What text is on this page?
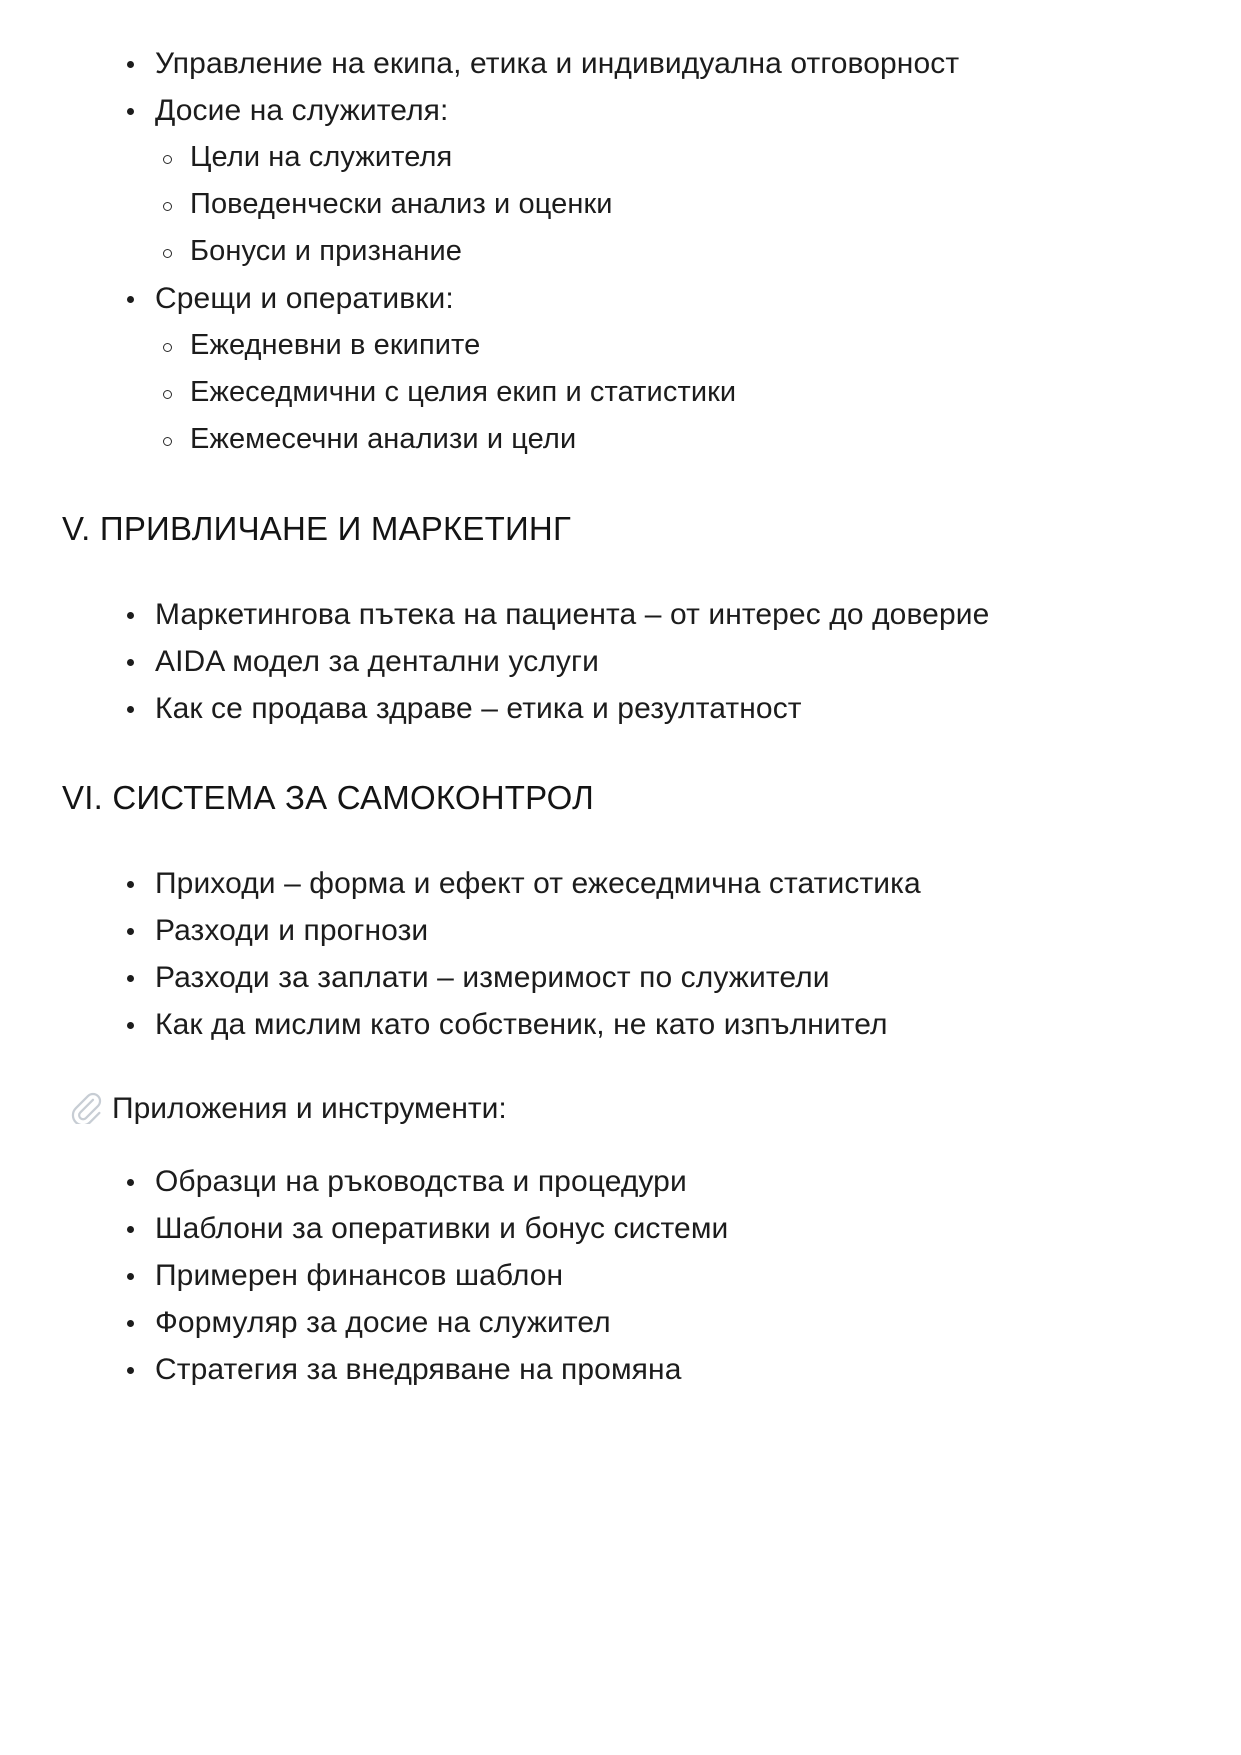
Управление на екипа, етика и индивидуална отговорност
Досие на служителя:
Цели на служителя
Поведенчески анализ и оценки
Бонуси и признание
Срещи и оперативки:
Ежедневни в екипите
Ежеседмични с целия екип и статистики
Ежемесечни анализи и цели
V. ПРИВЛИЧАНЕ И МАРКЕТИНГ
Маркетингова пътека на пациента – от интерес до доверие
AIDA модел за дентални услуги
Как се продава здраве – етика и резултатност
VI. СИСТЕМА ЗА САМОКОНТРОЛ
Приходи – форма и ефект от ежеседмична статистика
Разходи и прогнози
Разходи за заплати – измеримост по служители
Как да мислим като собственик, не като изпълнител
Приложения и инструменти:
Образци на ръководства и процедури
Шаблони за оперативки и бонус системи
Примерен финансов шаблон
Формуляр за досие на служител
Стратегия за внедряване на промяна
